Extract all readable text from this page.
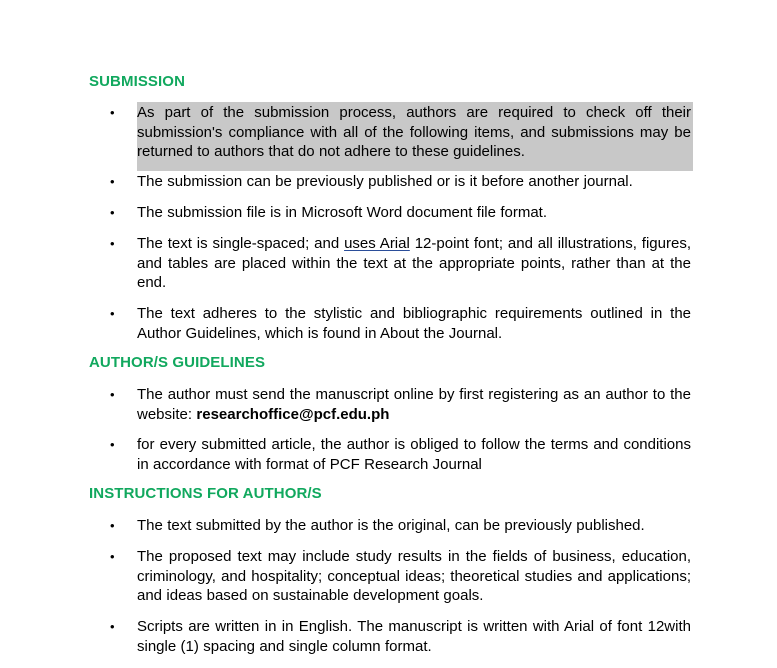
SUBMISSION
•	As part of the submission process, authors are required to check off their submission's compliance with all of the following items, and submissions may be returned to authors that do not adhere to these guidelines.
•	The submission can be previously published or is it before another journal.
•	The submission file is in Microsoft Word document file format.
•	The text is single-spaced; and uses Arial 12-point font; and all illustrations, figures, and tables are placed within the text at the appropriate points, rather than at the end.
•	The text adheres to the stylistic and bibliographic requirements outlined in the Author Guidelines, which is found in About the Journal.
AUTHOR/S GUIDELINES
•	The author must send the manuscript online by first registering as an author to the website: researchoffice@pcf.edu.ph
•	for every submitted article, the author is obliged to follow the terms and conditions in accordance with format of PCF Research Journal
INSTRUCTIONS FOR AUTHOR/S
•	The text submitted by the author is the original, can be previously published.
•	The proposed text may include study results in the fields of business, education, criminology, and hospitality; conceptual ideas; theoretical studies and applications; and ideas based on sustainable development goals.
•	Scripts are written in in English. The manuscript is written with Arial of font 12with single (1) spacing and single column format.
